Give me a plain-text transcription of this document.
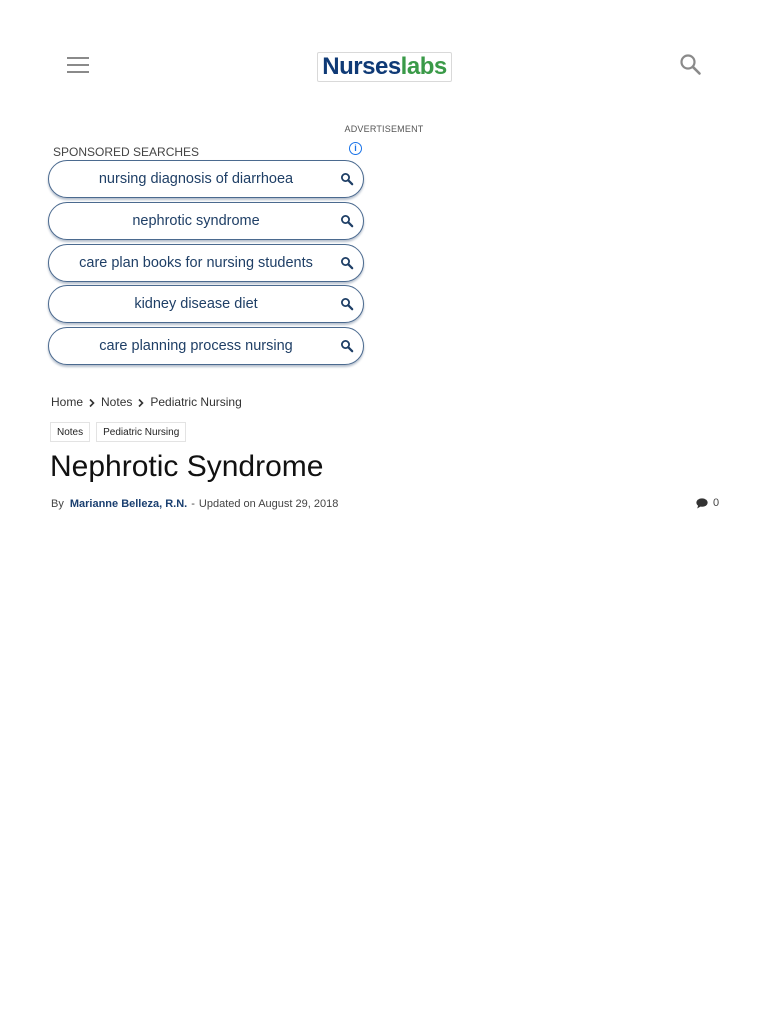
Nurses labs
ADVERTISEMENT
SPONSORED SEARCHES	i
nursing diagnosis of diarrhoea
nephrotic syndrome
care plan books for nursing students
kidney disease diet
care planning process nursing
Home Notes Pediatric Nursing
Notes	Pediatric Nursing
Nephrotic Syndrome
By Marianne Belleza, R.N. - Updated on August 29, 2018	0
